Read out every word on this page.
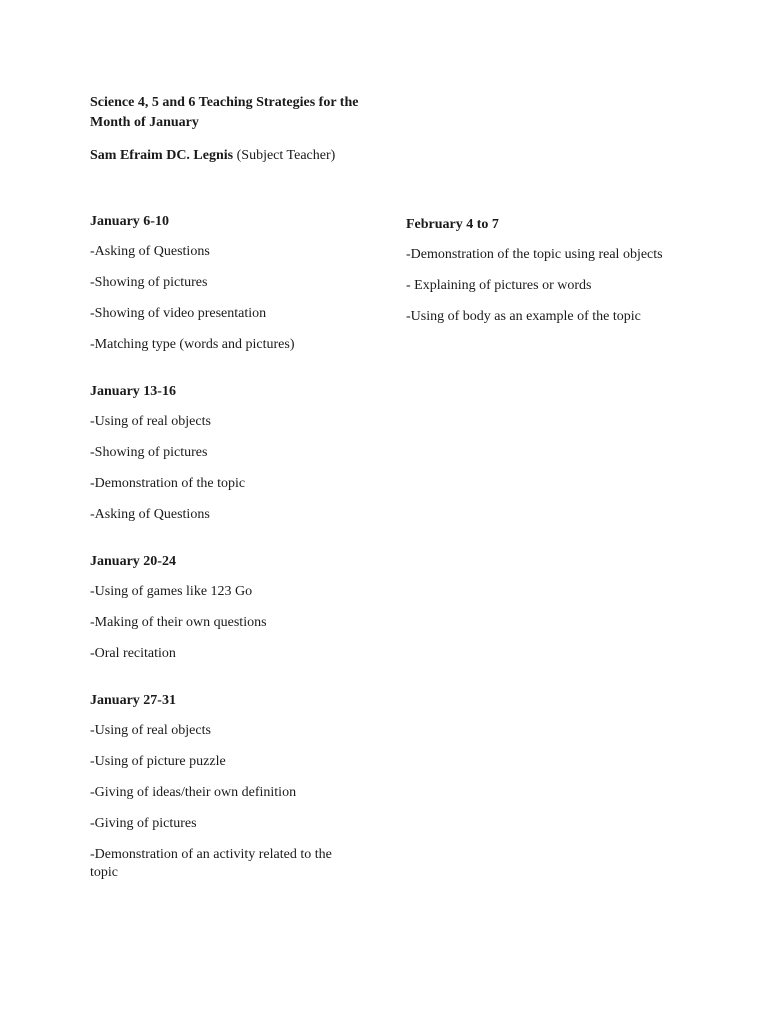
Science 4, 5 and 6 Teaching Strategies for the Month of January
Sam Efraim DC. Legnis (Subject Teacher)
January 6-10
-Asking of Questions
-Showing of pictures
-Showing of video presentation
-Matching type (words and pictures)
January 13-16
-Using of real objects
-Showing of pictures
-Demonstration of the topic
-Asking of Questions
January 20-24
-Using of games like 123 Go
-Making of their own questions
-Oral recitation
January 27-31
-Using of real objects
-Using of picture puzzle
-Giving of ideas/their own definition
-Giving of pictures
-Demonstration of an activity related to the topic
February 4 to 7
-Demonstration of the topic using real objects
- Explaining of pictures or words
-Using of body as an example of the topic
